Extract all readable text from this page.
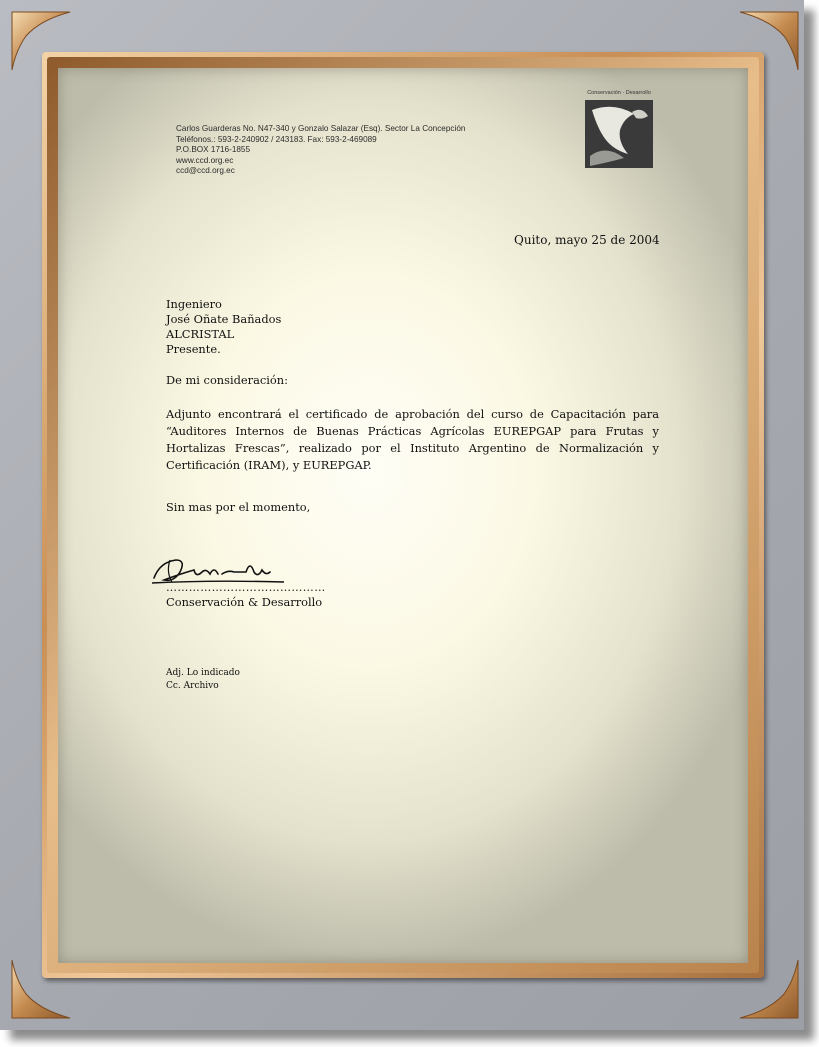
Carlos Guarderas No. N47-340 y Gonzalo Salazar (Esq). Sector La Concepción
Teléfonos.: 593-2-240902 / 243183. Fax: 593-2-469089
P.O.BOX 1716-1855
www.ccd.org.ec
ccd@ccd.org.ec
Conservación · Desarrollo
Quito, mayo 25 de 2004
Ingeniero
José Oñate Bañados
ALCRISTAL
Presente.
De mi consideración:
Adjunto encontrará el certificado de aprobación del curso de Capacitación para
“Auditores Internos de Buenas Prácticas Agrícolas EUREPGAP para Frutas y
Hortalizas Frescas”, realizado por el Instituto Argentino de Normalización y
Certificación (IRAM), y EUREPGAP.
Sin mas por el momento,
……………………………………
Conservación & Desarrollo
Adj. Lo indicado
Cc. Archivo
